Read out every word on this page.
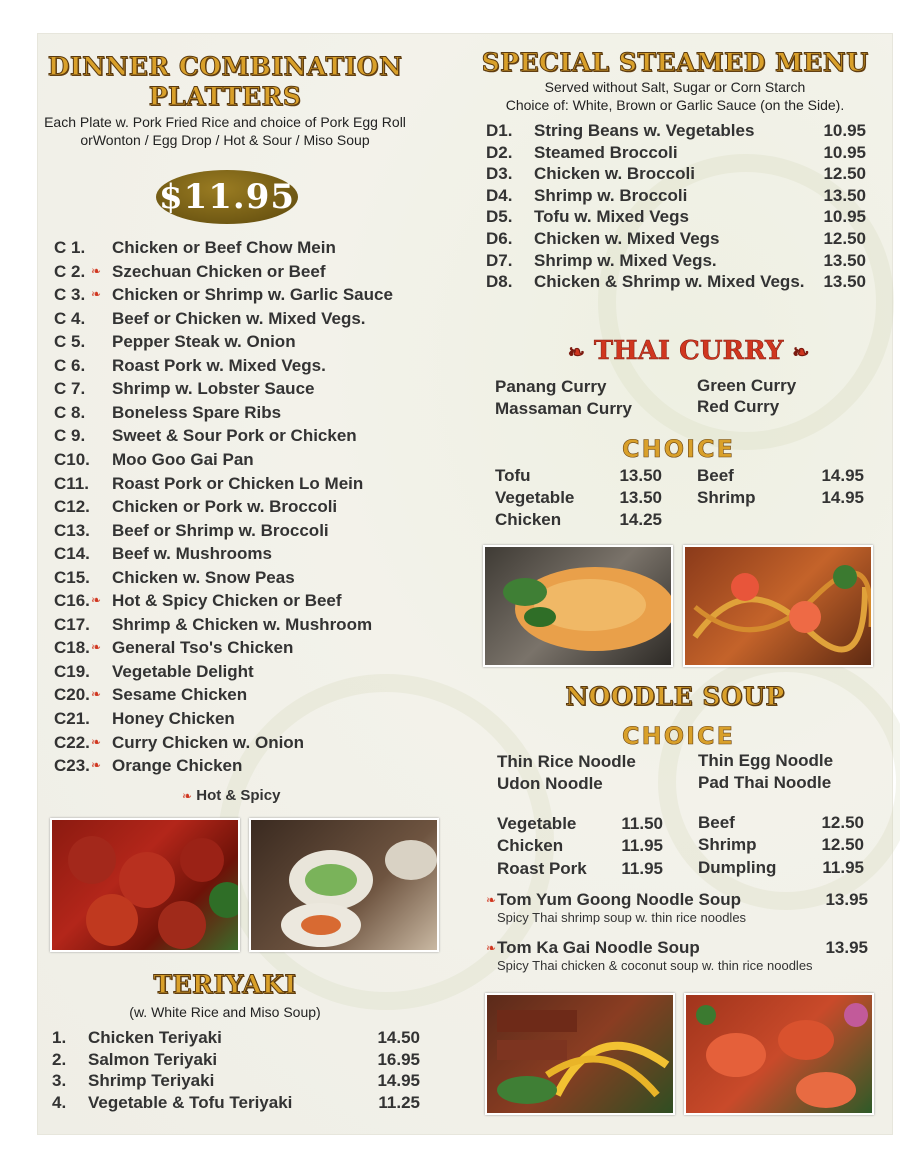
DINNER COMBINATION
PLATTERS
Each Plate w. Pork Fried Rice and choice of Pork Egg Roll
orWonton / Egg Drop / Hot & Sour / Miso Soup
$11.95
C 1. Chicken or Beef Chow Mein
C 2. ❧ Szechuan Chicken or Beef
C 3. ❧ Chicken or Shrimp w. Garlic Sauce
C 4. Beef or Chicken w. Mixed Vegs.
C 5. Pepper Steak w. Onion
C 6. Roast Pork w. Mixed Vegs.
C 7. Shrimp w. Lobster Sauce
C 8. Boneless Spare Ribs
C 9. Sweet & Sour Pork or Chicken
C10. Moo Goo Gai Pan
C11. Roast Pork or Chicken Lo Mein
C12. Chicken or Pork w. Broccoli
C13. Beef or Shrimp w. Broccoli
C14. Beef w. Mushrooms
C15. Chicken w. Snow Peas
C16. ❧ Hot & Spicy Chicken or Beef
C17. Shrimp & Chicken w. Mushroom
C18. ❧ General Tso's Chicken
C19. Vegetable Delight
C20. ❧ Sesame Chicken
C21. Honey Chicken
C22. ❧ Curry Chicken w. Onion
C23. ❧ Orange Chicken
❧ Hot & Spicy
TERIYAKI
(w. White Rice and Miso Soup)
1. Chicken Teriyaki	14.50
2. Salmon Teriyaki	16.95
3. Shrimp Teriyaki	14.95
4. Vegetable & Tofu Teriyaki	11.25
SPECIAL STEAMED MENU
Served without Salt, Sugar or Corn Starch
Choice of: White, Brown or Garlic Sauce (on the Side).
D1. String Beans w. Vegetables	10.95
D2. Steamed Broccoli	10.95
D3. Chicken w. Broccoli	12.50
D4. Shrimp w. Broccoli	13.50
D5. Tofu w. Mixed Vegs	10.95
D6. Chicken w. Mixed Vegs	12.50
D7. Shrimp w. Mixed Vegs.	13.50
D8. Chicken & Shrimp w. Mixed Vegs. 13.50
❧ THAI CURRY ❧
Panang Curry	Green Curry
Massaman Curry	Red Curry
CHOICE
Tofu	13.50 Beef	14.95
Vegetable	13.50 Shrimp	14.95
Chicken	14.25
NOODLE SOUP
CHOICE
Thin Rice Noodle	Thin Egg Noodle
Udon Noodle	Pad Thai Noodle
Vegetable	11.50 Beef	12.50
Chicken	11.95 Shrimp	12.50
Roast Pork 11.95 Dumpling	11.95
❧ Tom Yum Goong Noodle Soup	13.95
Spicy Thai shrimp soup w. thin rice noodles
❧ Tom Ka Gai Noodle Soup	13.95
Spicy Thai chicken & coconut soup w. thin rice noodles
